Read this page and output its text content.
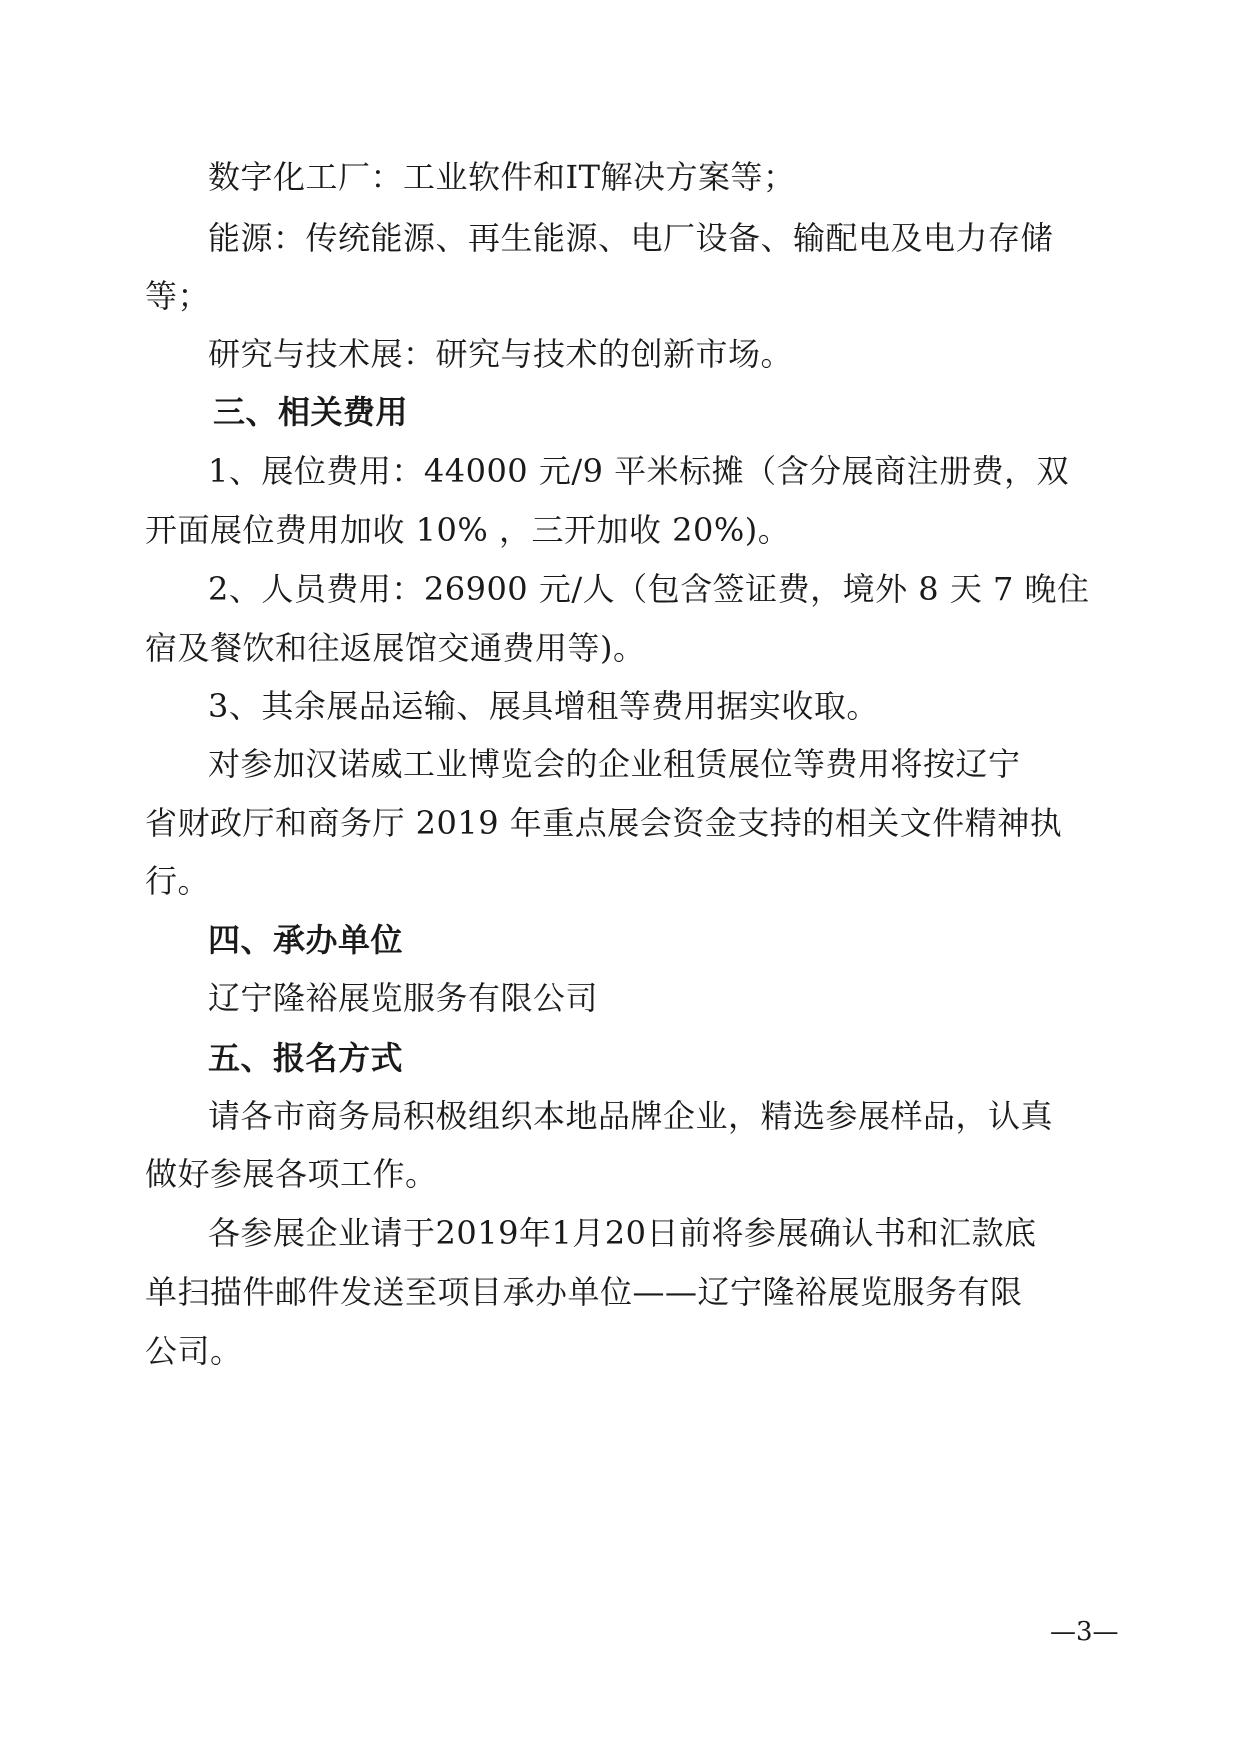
数字化工厂：工业软件和IT解决方案等；
能源：传统能源、再生能源、电厂设备、输配电及电力存储
等；
研究与技术展：研究与技术的创新市场。
三、相关费用
1、展位费用：44000 元/9 平米标摊（含分展商注册费，双
开面展位费用加收 10% ，三开加收 20%)。
2、人员费用：26900 元/人（包含签证费，境外 8 天 7 晚住
宿及餐饮和往返展馆交通费用等)。
3、其余展品运输、展具增租等费用据实收取。
对参加汉诺威工业博览会的企业租赁展位等费用将按辽宁
省财政厅和商务厅 2019 年重点展会资金支持的相关文件精神执
行。
四、承办单位
辽宁隆裕展览服务有限公司
五、报名方式
请各市商务局积极组织本地品牌企业，精选参展样品，认真
做好参展各项工作。
各参展企业请于2019年1月20日前将参展确认书和汇款底
单扫描件邮件发送至项目承办单位——辽宁隆裕展览服务有限
公司。
—3—
